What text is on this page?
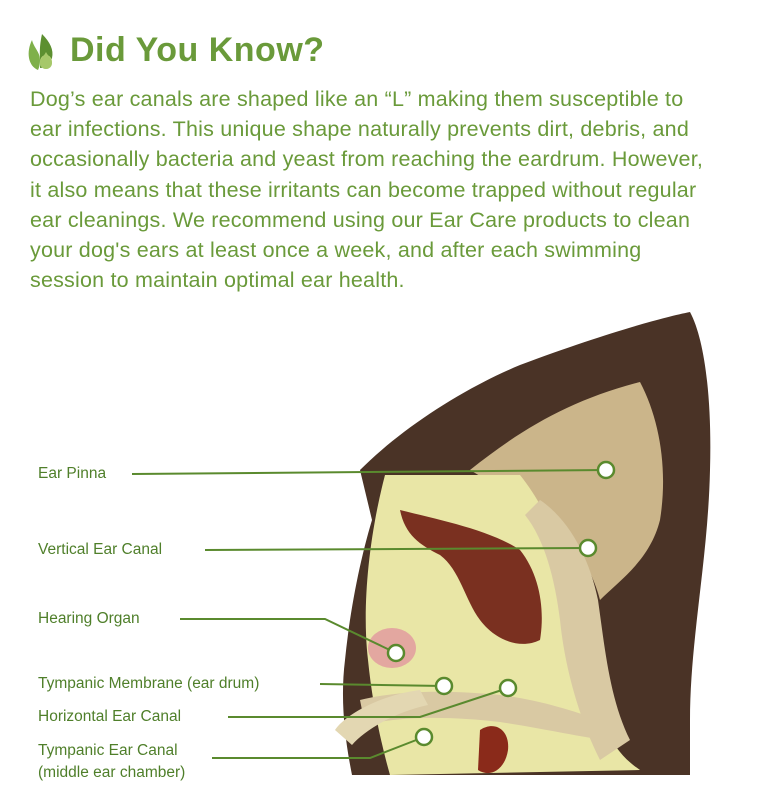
Did You Know?
Dog’s ear canals are shaped like an “L” making them susceptible to ear infections. This unique shape naturally prevents dirt, debris, and occasionally bacteria and yeast from reaching the eardrum. However, it also means that these irritants can become trapped without regular ear cleanings. We recommend using our Ear Care products to clean your dog's ears at least once a week, and after each swimming session to maintain optimal ear health.
Ear Pinna
Vertical Ear Canal
Hearing Organ
Tympanic Membrane (ear drum)
Horizontal Ear Canal
Tympanic Ear Canal
(middle ear chamber)
